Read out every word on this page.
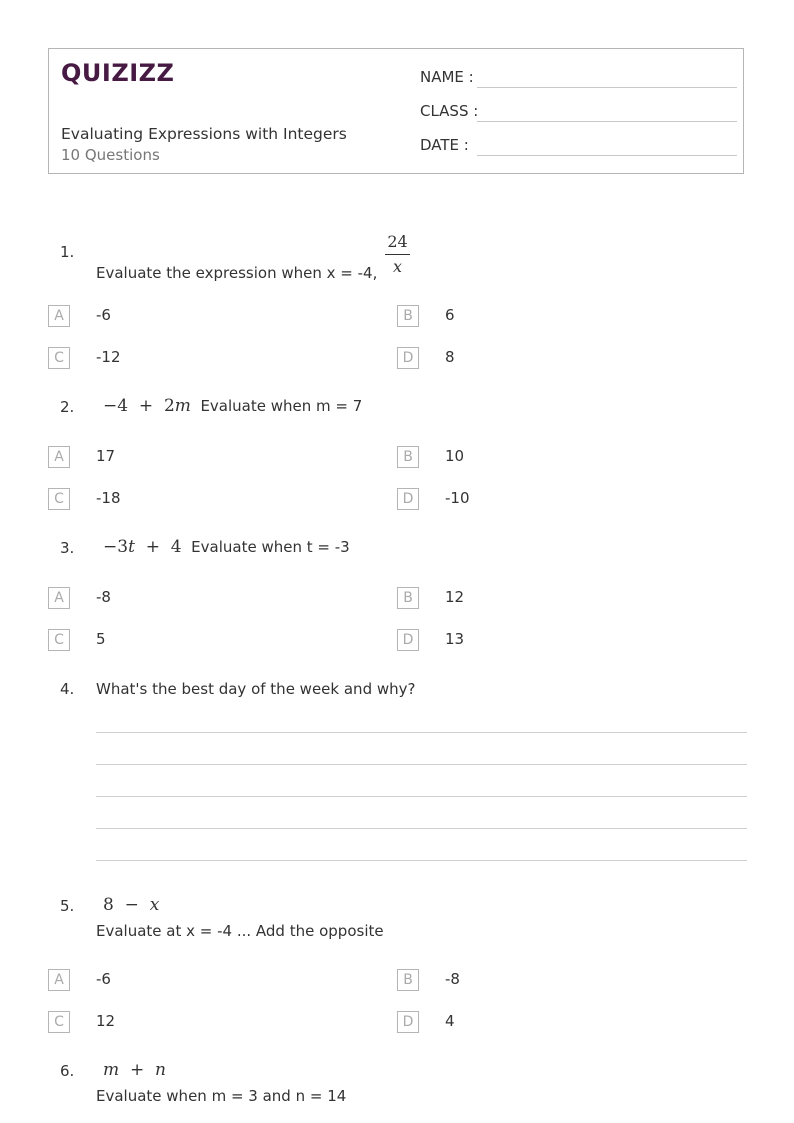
QUIZIZZ
Evaluating Expressions with Integers
10 Questions
NAME :
CLASS :
DATE :
1.
Evaluate the expression when x = -4, $\frac{24}{x}$
A	-6	B	6
C	-12	D	8
2. −4 + 2m Evaluate when m = 7
A	17	B	10
C	-18	D	-10
3. −3t + 4 Evaluate when t = -3
A	-8	B	12
C	5	D	13
4. What's the best day of the week and why?
5. 8 − x
Evaluate at x = -4 ... Add the opposite
A	-6	B	-8
C	12	D	4
6. m + n
Evaluate when m = 3 and n = 14
